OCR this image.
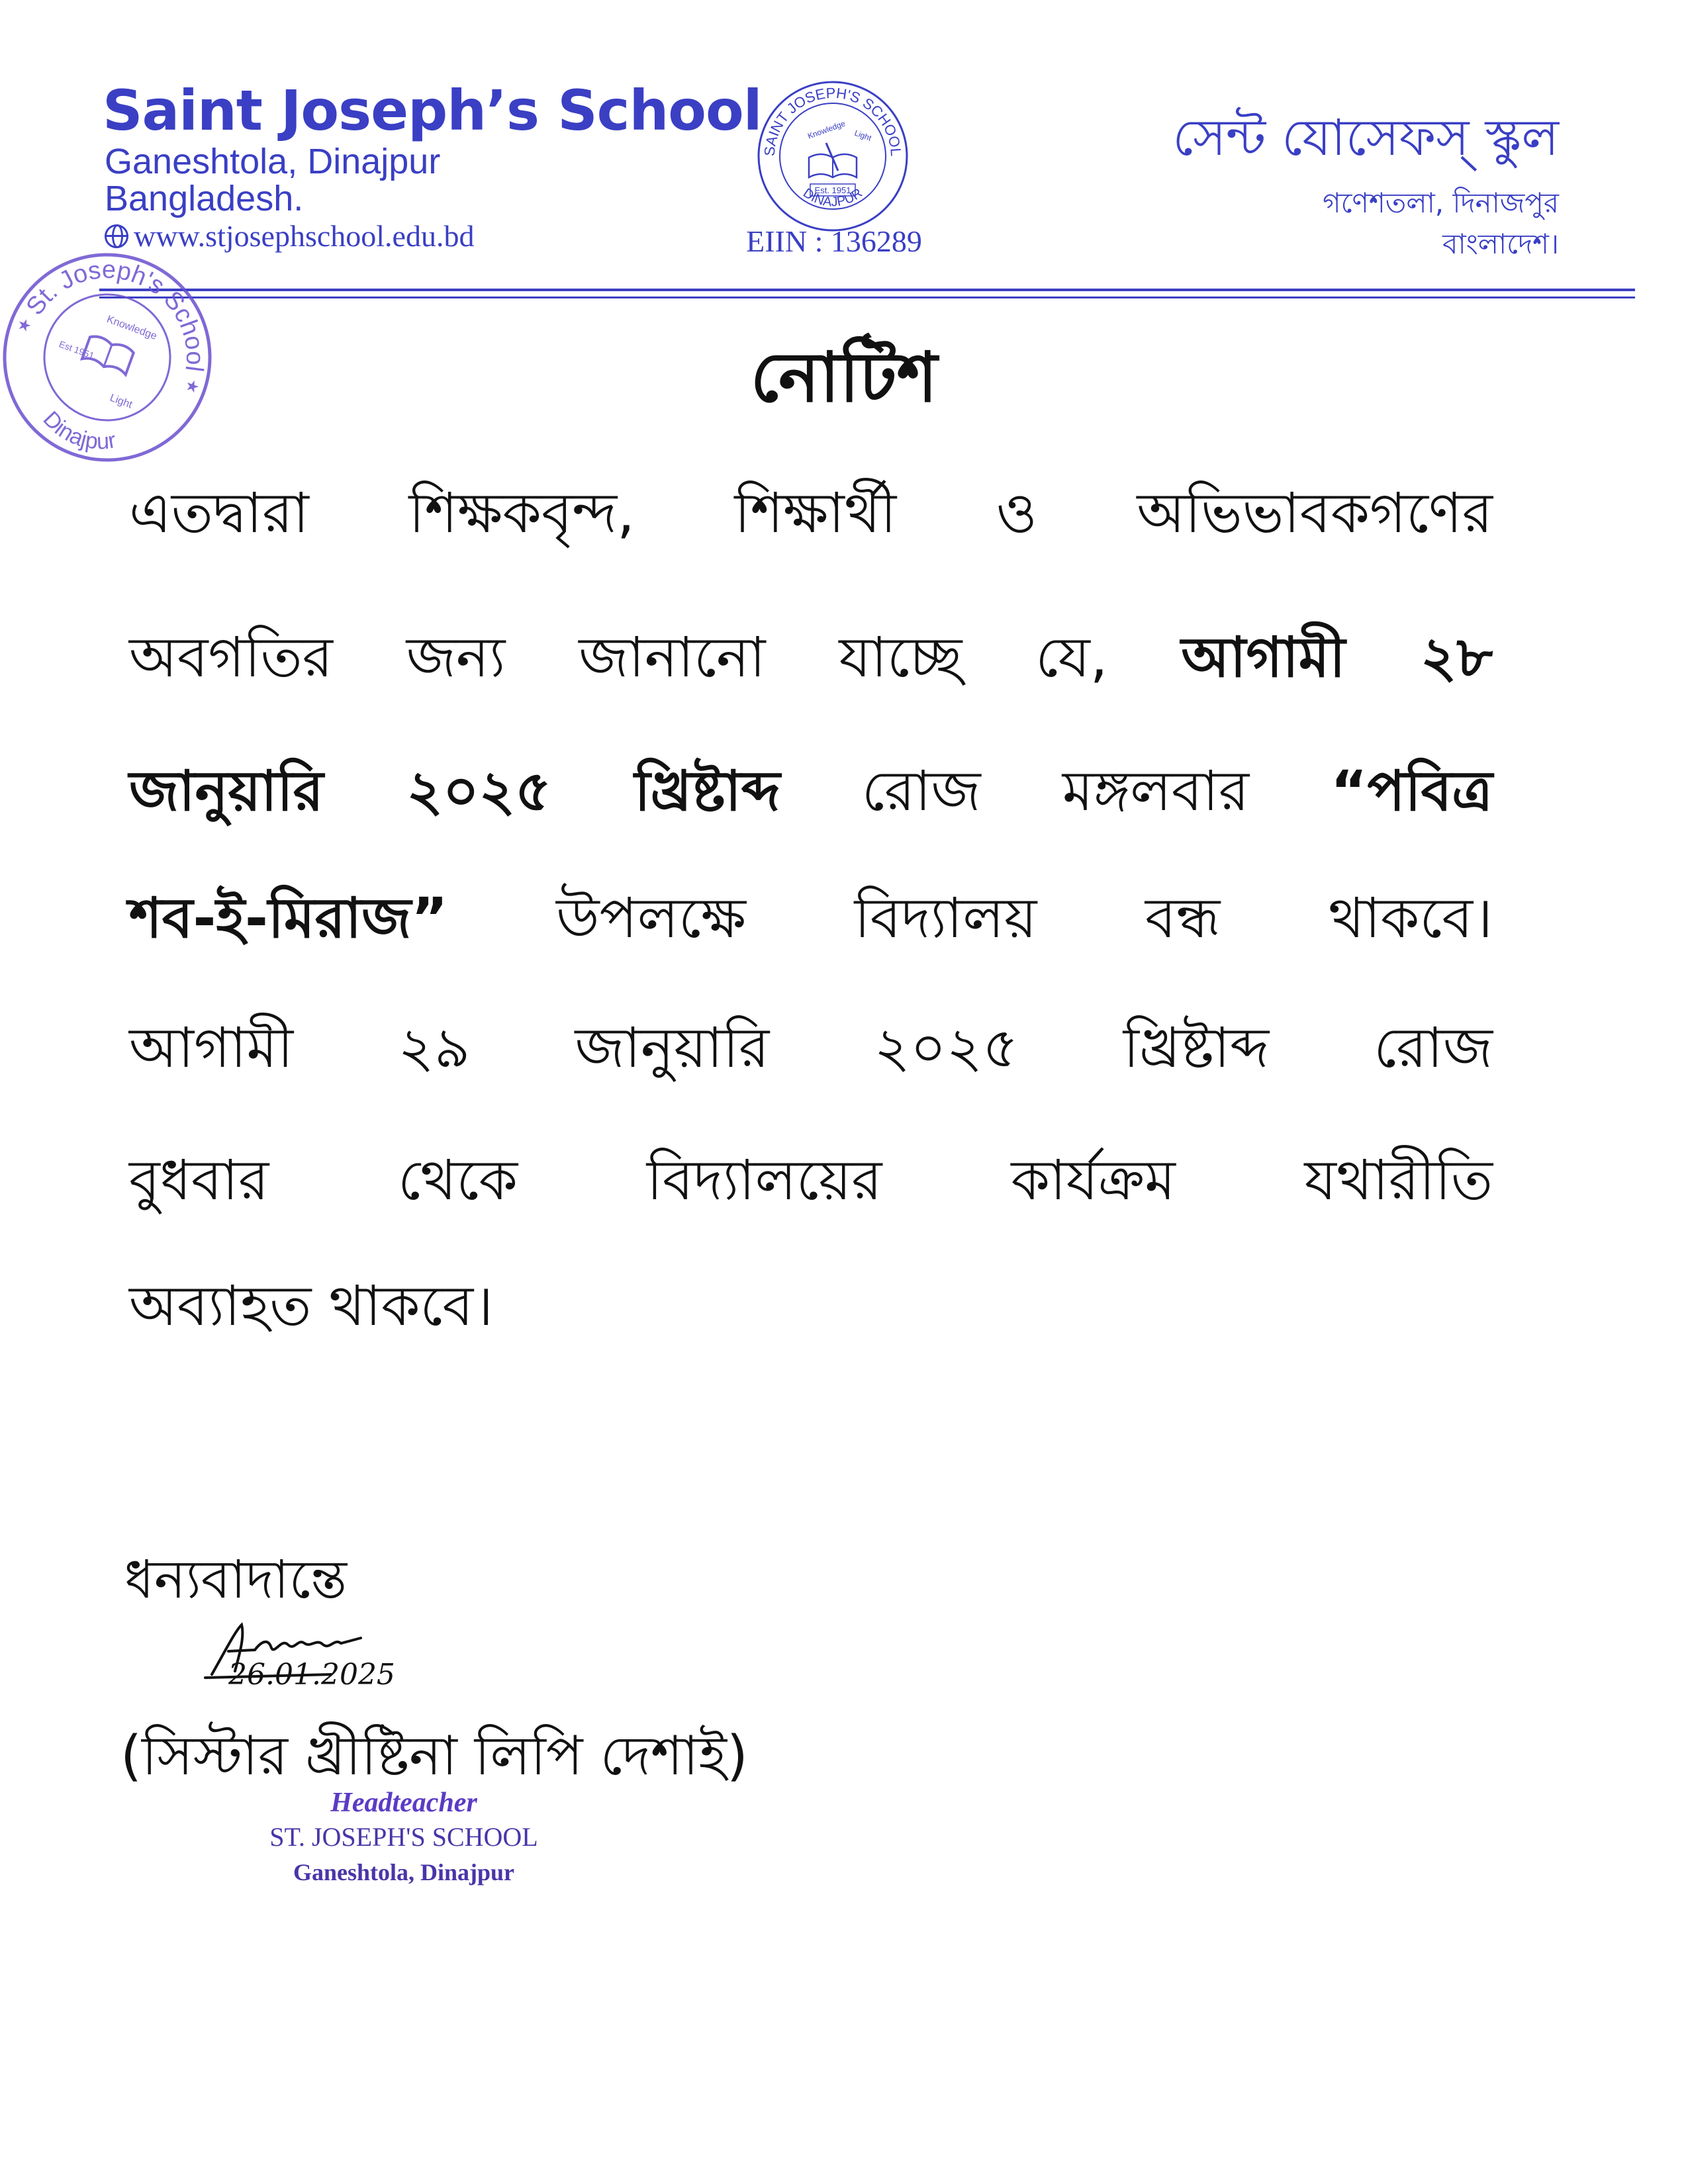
Saint Joseph’s School
Ganeshtola, Dinajpur
Bangladesh.
www.stjosephschool.edu.bd
SAINT JOSEPH'S SCHOOL
DINAJPUR
Knowledge Light
Est. 1951
EIIN : 136289
সেন্ট যোসেফস্ স্কুল
গণেশতলা, দিনাজপুর
বাংলাদেশ।
St. Joseph's School
Dinajpur
Knowledge
Light
Est 1951
★
★	নোটিশ
এতদ্বারা শিক্ষকবৃন্দ, শিক্ষার্থী ও অভিভাবকগণের
অবগতির জন্য জানানো যাচ্ছে যে, আগামী ২৮
জানুয়ারি ২০২৫ খ্রিষ্টাব্দ রোজ মঙ্গলবার “পবিত্র
শব-ই-মিরাজ” উপলক্ষে বিদ্যালয় বন্ধ থাকবে।
আগামী ২৯ জানুয়ারি ২০২৫ খ্রিষ্টাব্দ রোজ
বুধবার থেকে বিদ্যালয়ের কার্যক্রম যথারীতি
অব্যাহত থাকবে।
ধন্যবাদান্তে
26.01.2025
(সিস্টার খ্রীষ্টিনা লিপি দেশাই)
Headteacher
ST. JOSEPH'S SCHOOL
Ganeshtola, Dinajpur
